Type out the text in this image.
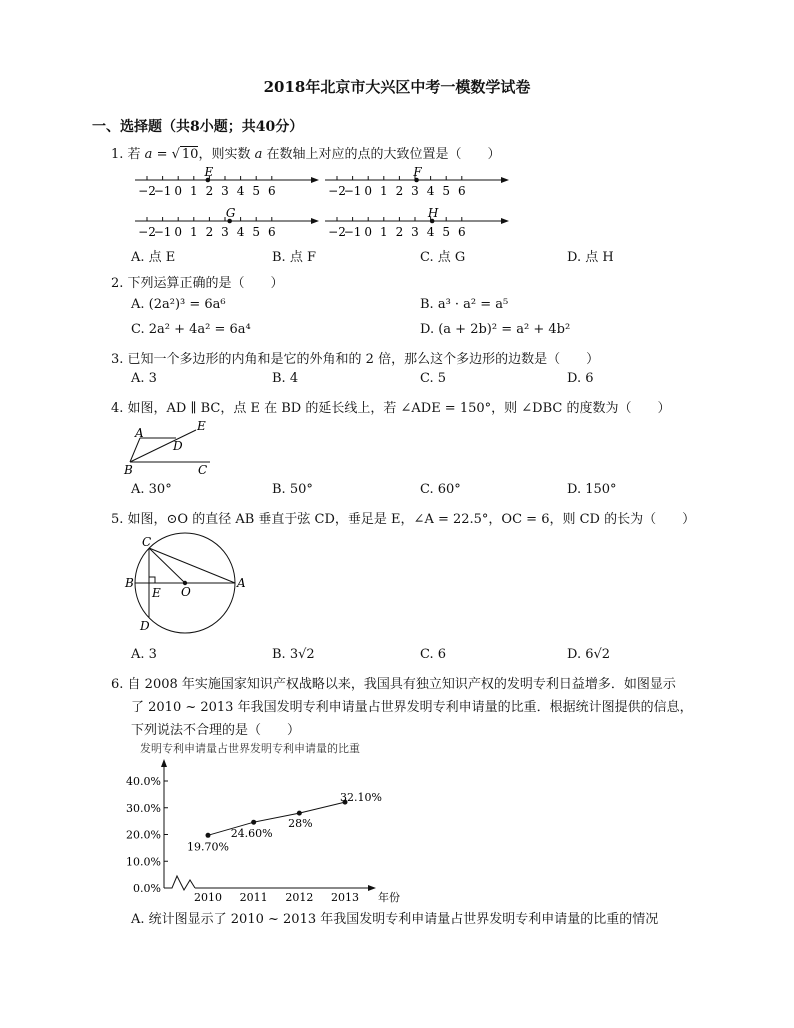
2018年北京市大兴区中考一模数学试卷
一、选择题（共8小题；共40分）
1. 若 a = √ 10，则实数 a 在数轴上对应的点的大致位置是（　　）
−2
−1 0 1 2 3 4 5 6
E
−2
−1 0 1 2 3 4 5 6
F
−2
−1 0 1 2 3 4 5 6
G
−2
−1 0 1 2 3 4 5 6
H
A. 点 E	B. 点 F	C. 点 G	D. 点 H
2. 下列运算正确的是（　　）
A. (2a²)³ = 6a⁶	B. a³ · a² = a⁵
C. 2a² + 4a² = 6a⁴	D. (a + 2b)² = a² + 4b²
3. 已知一个多边形的内角和是它的外角和的 2 倍，那么这个多边形的边数是（　　）
A. 3	B. 4	C. 5	D. 6
4. 如图，AD ∥ BC，点 E 在 BD 的延长线上，若 ∠ADE = 150°，则 ∠DBC 的度数为（　　）
A
D
E
B	C
A. 30°	B. 50°	C. 60°	D. 150°
5. 如图，⊙O 的直径 AB 垂直于弦 CD，垂足是 E，∠A = 22.5°，OC = 6，则 CD 的长为（　　）
C
B
E O
A
D
A. 3	B. 3√2	C. 6	D. 6√2
6. 自 2008 年实施国家知识产权战略以来，我国具有独立知识产权的发明专利日益增多．如图显示
了 2010 ~ 2013 年我国发明专利申请量占世界发明专利申请量的比重．根据统计图提供的信息，
下列说法不合理的是（　　）
发明专利申请量占世界发明专利申请量的比重
0.0%
10.0%
20.0%
30.0%
40.0%
2010 2011 2012 2013 年份
19.70%
24.60%
28%
32.10%
A. 统计图显示了 2010 ~ 2013 年我国发明专利申请量占世界发明专利申请量的比重的情况
